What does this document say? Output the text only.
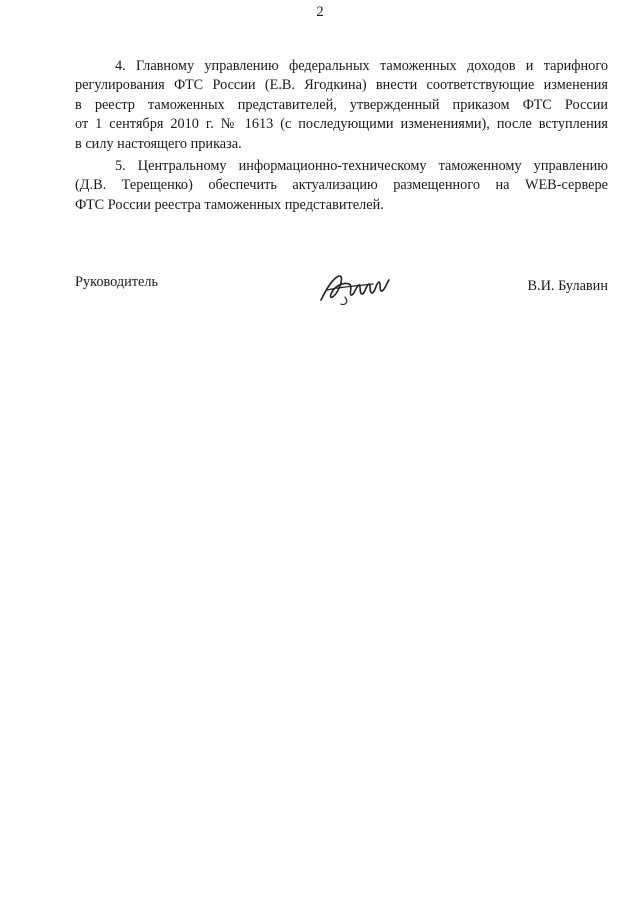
2
4. Главному управлению федеральных таможенных доходов и тарифного
регулирования ФТС России (Е.В. Ягодкина) внести соответствующие изменения
в реестр таможенных представителей, утвержденный приказом ФТС России
от 1 сентября 2010 г. № 1613 (с последующими изменениями), после вступления
в силу настоящего приказа.
5. Центральному информационно-техническому таможенному управлению
(Д.В. Терещенко) обеспечить актуализацию размещенного на WEB-сервере
ФТС России реестра таможенных представителей.
Руководитель	В.И. Булавин
